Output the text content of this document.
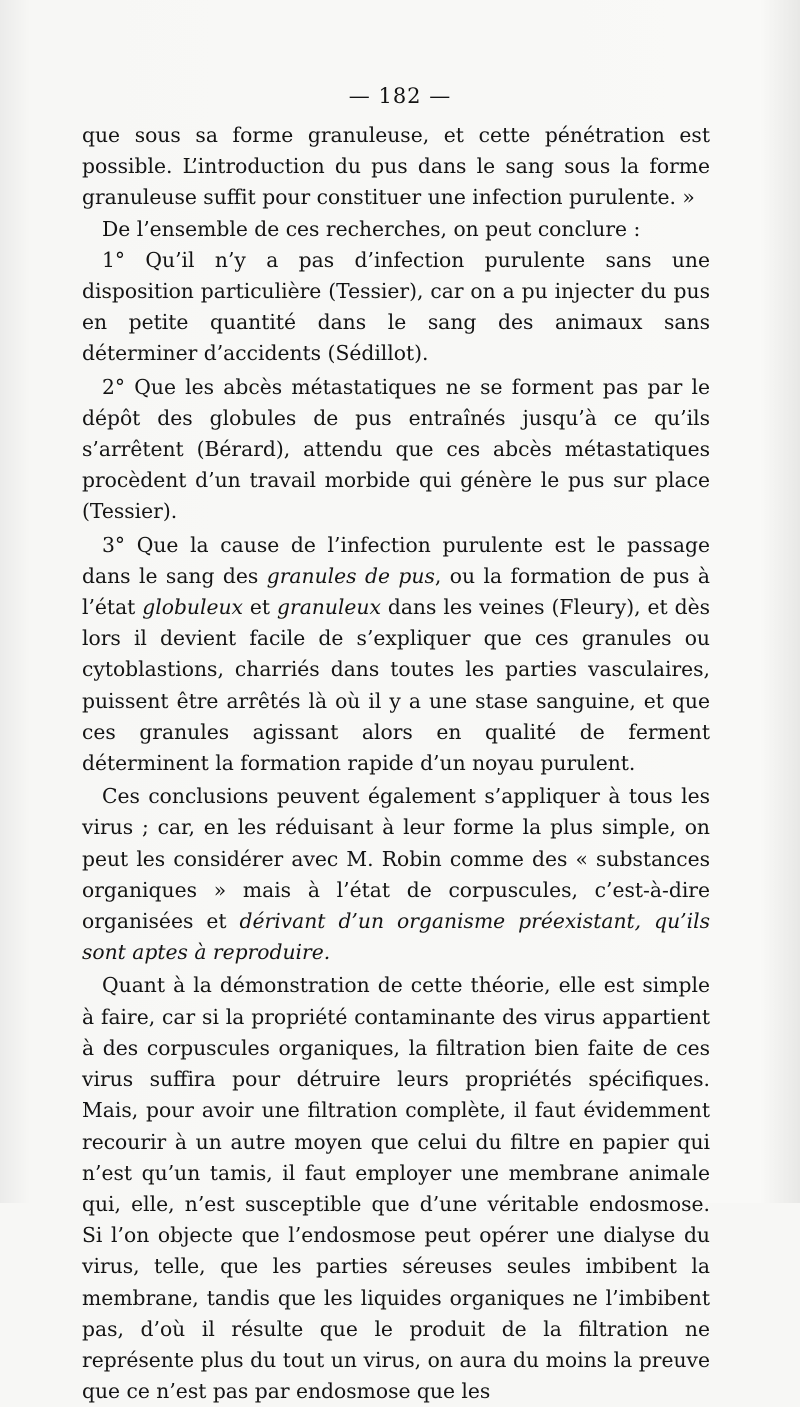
— 182 —

que sous sa forme granuleuse, et cette pénétration est possible. L’introduction du pus dans le sang sous la forme granuleuse suffit pour constituer une infection purulente. »

De l’ensemble de ces recherches, on peut conclure :

1° Qu’il n’y a pas d’infection purulente sans une disposition particulière (Tessier), car on a pu injecter du pus en petite quantité dans le sang des animaux sans déterminer d’accidents (Sédillot).

2° Que les abcès métastatiques ne se forment pas par le dépôt des globules de pus entraînés jusqu’à ce qu’ils s’arrêtent (Bérard), attendu que ces abcès métastatiques procèdent d’un travail morbide qui génère le pus sur place (Tessier).

3° Que la cause de l’infection purulente est le passage dans le sang des granules de pus, ou la formation de pus à l’état globuleux et granuleux dans les veines (Fleury), et dès lors il devient facile de s’expliquer que ces granules ou cytoblastions, charriés dans toutes les parties vasculaires, puissent être arrêtés là où il y a une stase sanguine, et que ces granules agissant alors en qualité de ferment déterminent la formation rapide d’un noyau purulent.

Ces conclusions peuvent également s’appliquer à tous les virus ; car, en les réduisant à leur forme la plus simple, on peut les considérer avec M. Robin comme des « substances organiques » mais à l’état de corpuscules, c’est-à-dire organisées et dérivant d’un organisme préexistant, qu’ils sont aptes à reproduire.

Quant à la démonstration de cette théorie, elle est simple à faire, car si la propriété contaminante des virus appartient à des corpuscules organiques, la filtration bien faite de ces virus suffira pour détruire leurs propriétés spécifiques. Mais, pour avoir une filtration complète, il faut évidemment recourir à un autre moyen que celui du filtre en papier qui n’est qu’un tamis, il faut employer une membrane animale qui, elle, n’est susceptible que d’une véritable endosmose. Si l’on objecte que l’endosmose peut opérer une dialyse du virus, telle, que les parties séreuses seules imbibent la membrane, tandis que les liquides organiques ne l’imbibent pas, d’où il résulte que le produit de la filtration ne représente plus du tout un virus, on aura du moins la preuve que ce n’est pas par endosmose que les
